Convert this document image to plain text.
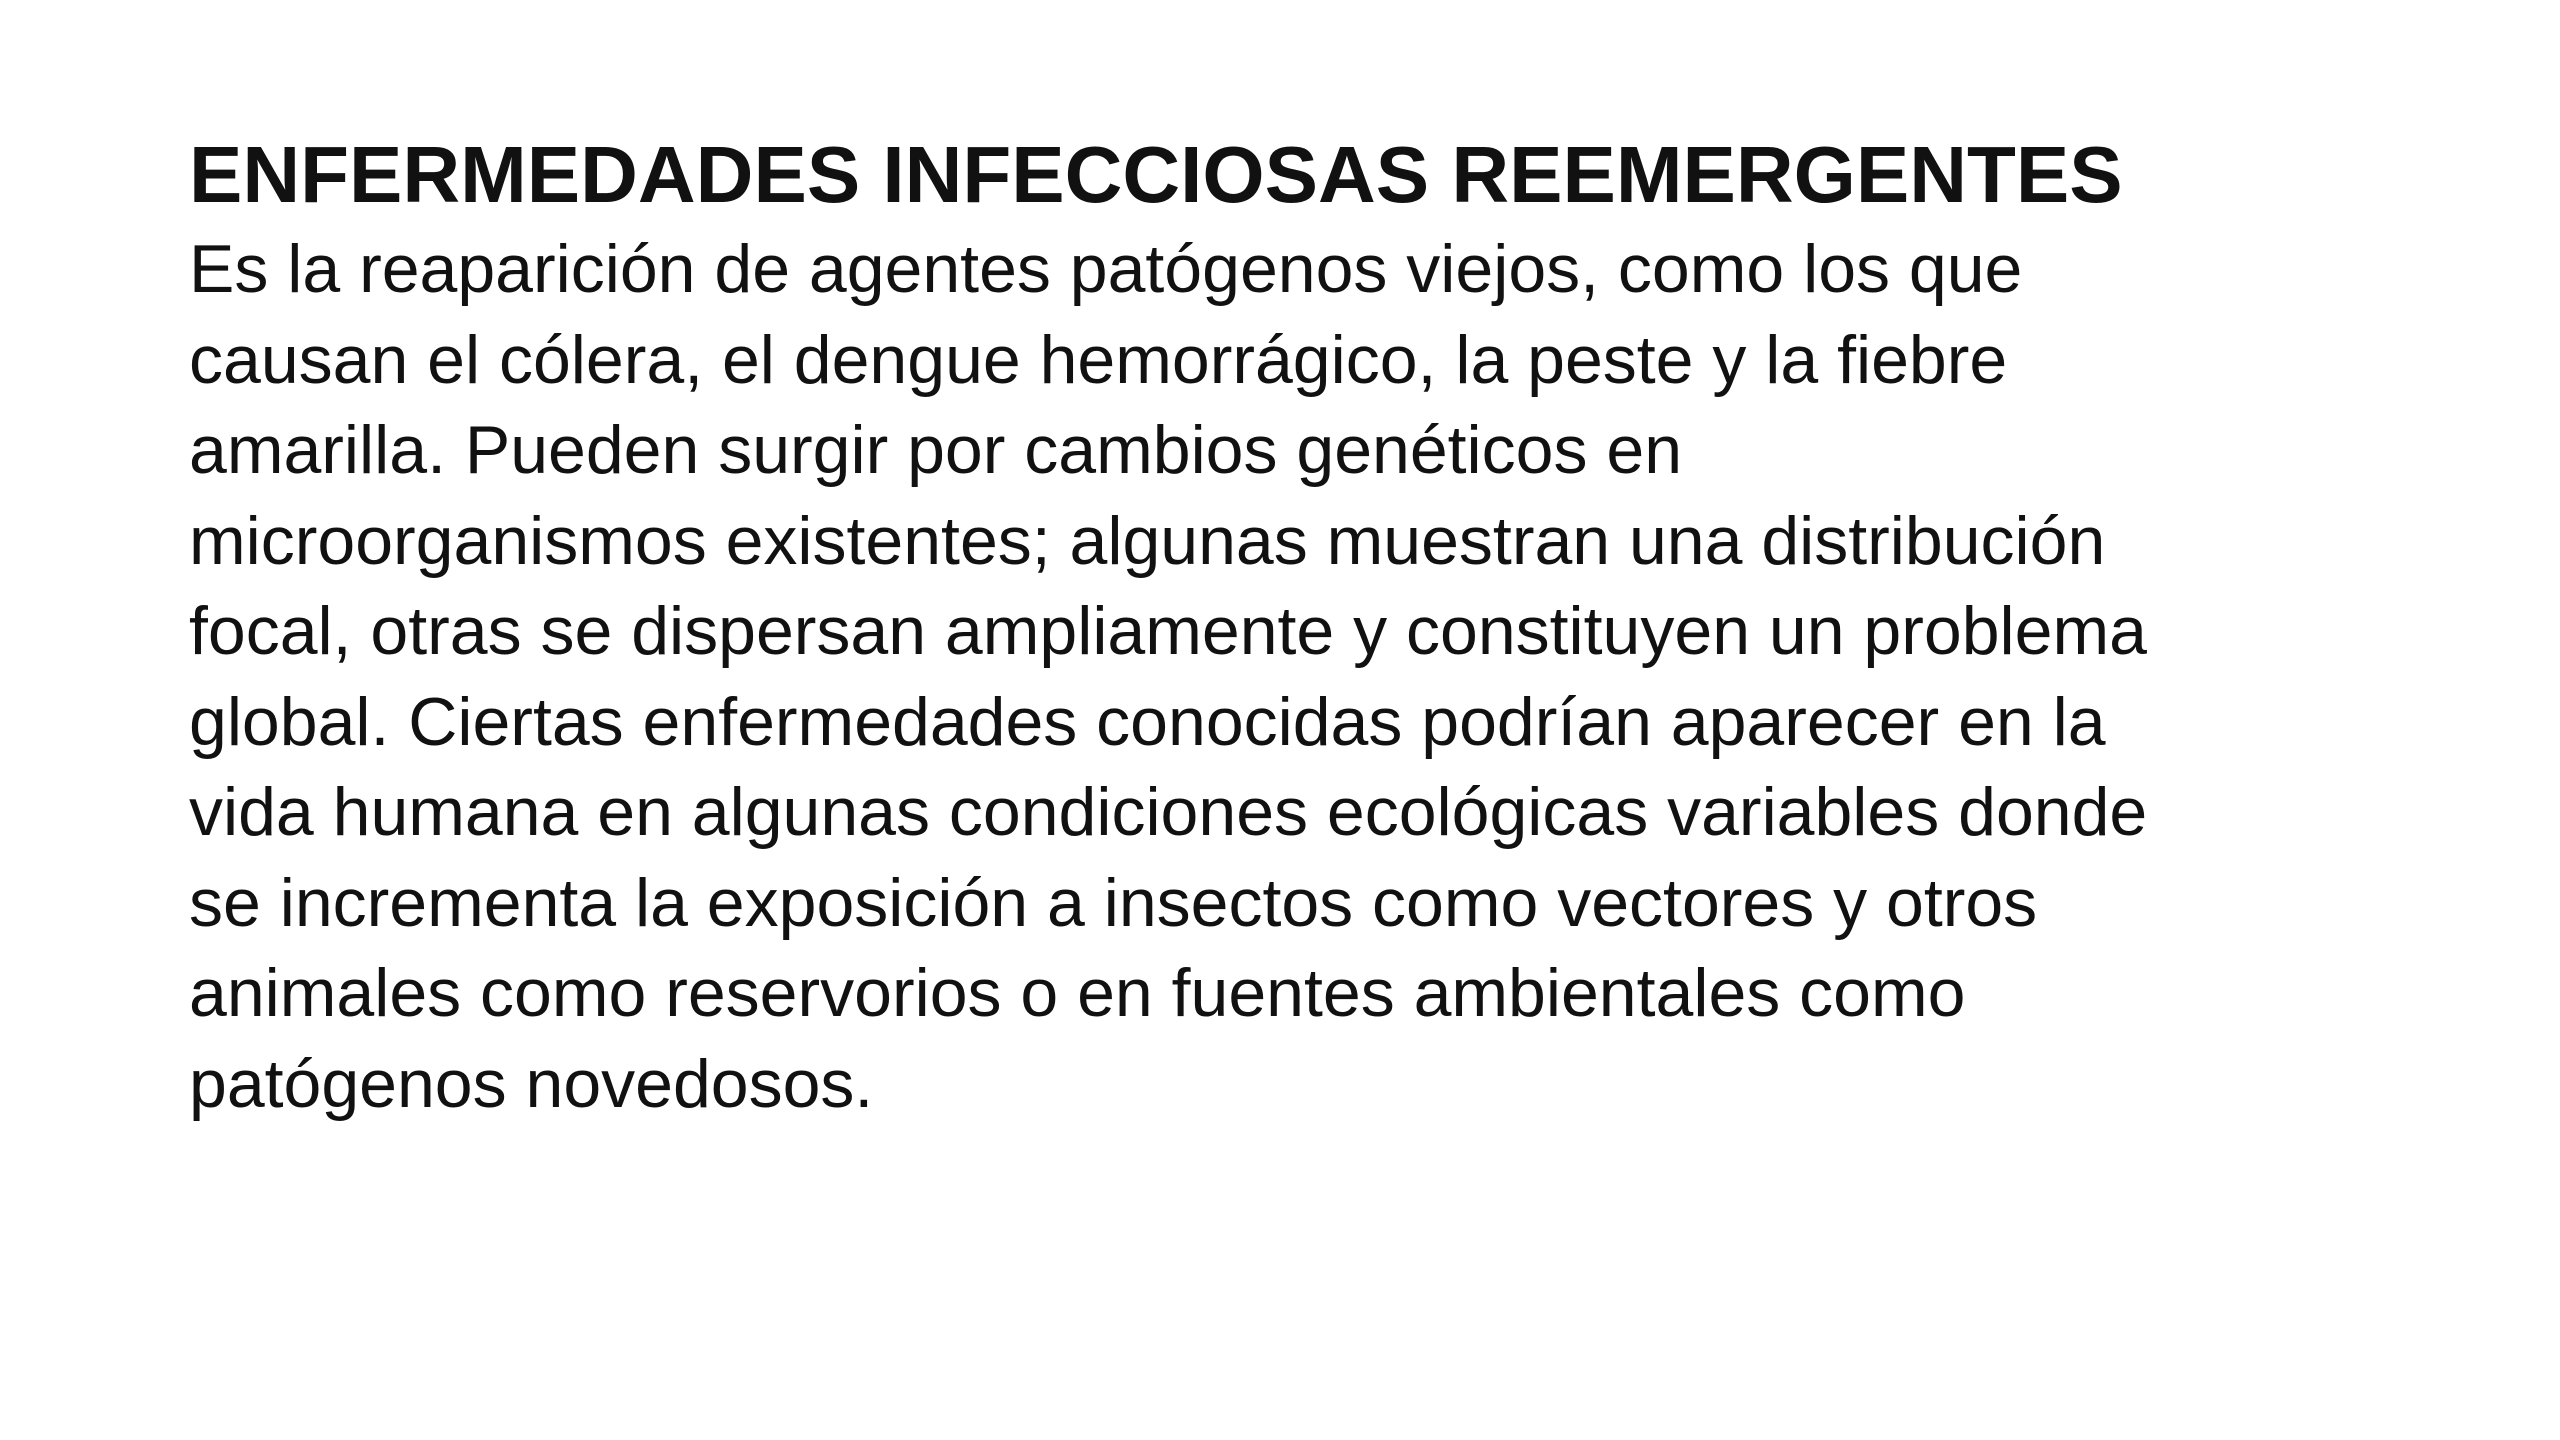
ENFERMEDADES INFECCIOSAS REEMERGENTES

Es la reaparición de agentes patógenos viejos, como los que
causan el cólera, el dengue hemorrágico, la peste y la fiebre
amarilla. Pueden surgir por cambios genéticos en
microorganismos existentes; algunas muestran una distribución
focal, otras se dispersan ampliamente y constituyen un problema
global. Ciertas enfermedades conocidas podrían aparecer en la
vida humana en algunas condiciones ecológicas variables donde
se incrementa la exposición a insectos como vectores y otros
animales como reservorios o en fuentes ambientales como
patógenos novedosos.
